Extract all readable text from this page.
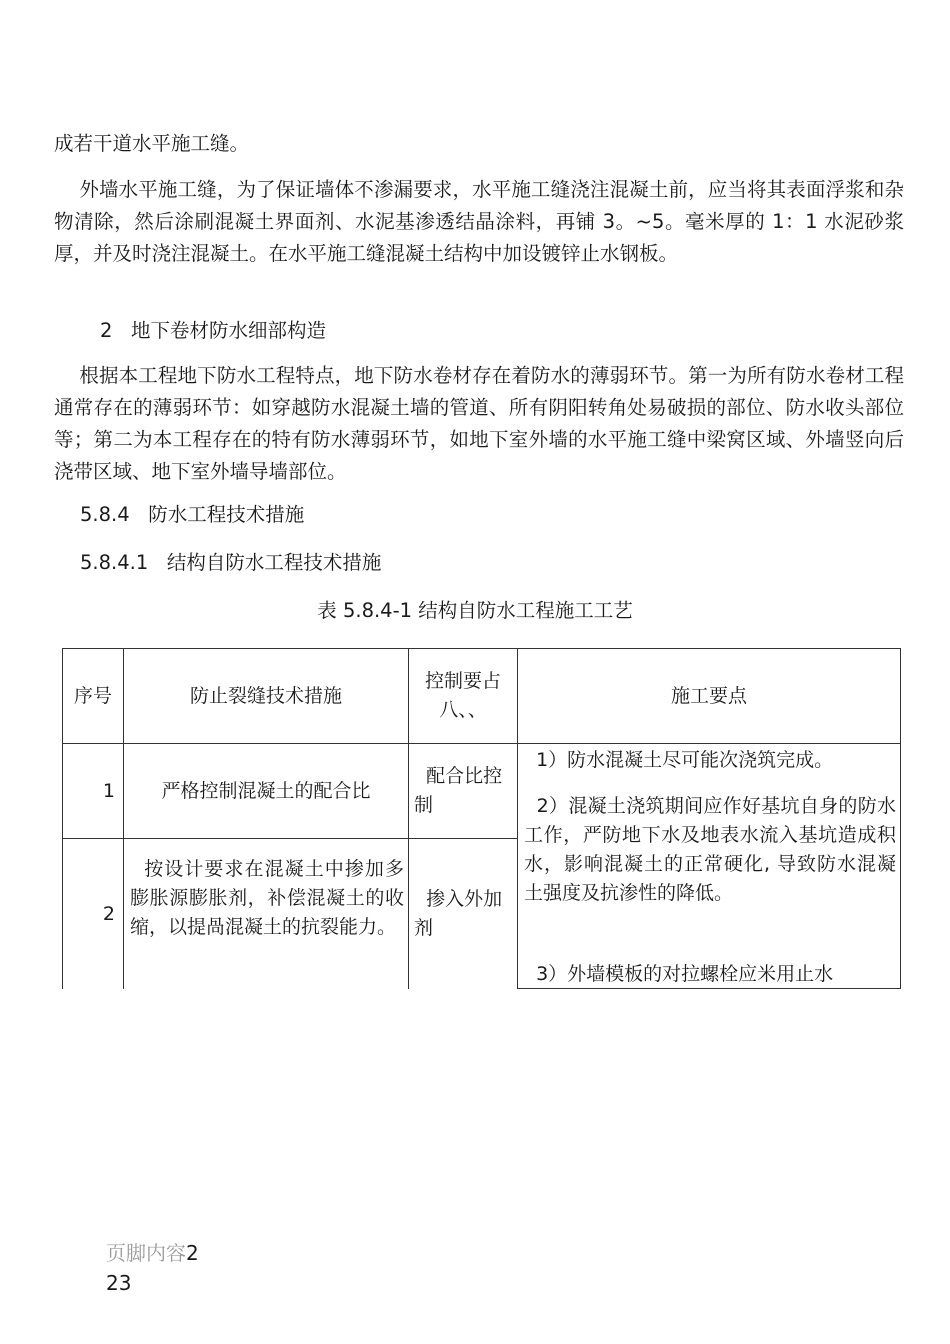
成若干道水平施工缝。

外墙水平施工缝，为了保证墙体不渗漏要求，水平施工缝浇注混凝土前，应当将其表面浮浆和杂物清除，然后涂刷混凝土界面剂、水泥基渗透结晶涂料，再铺 3。~5。毫米厚的 1：1 水泥砂浆厚，并及时浇注混凝土。在水平施工缝混凝土结构中加设镀锌止水钢板。

2   地下卷材防水细部构造

根据本工程地下防水工程特点，地下防水卷材存在着防水的薄弱环节。第一为所有防水卷材工程通常存在的薄弱环节：如穿越防水混凝土墙的管道、所有阴阳转角处易破损的部位、防水收头部位等；第二为本工程存在的特有防水薄弱环节，如地下室外墙的水平施工缝中梁窝区域、外墙竖向后浇带区域、地下室外墙导墙部位。

5.8.4   防水工程技术措施
5.8.4.1   结构自防水工程技术措施
表 5.8.4-1 结构自防水工程施工工艺
序号	防止裂缝技术措施
控制要占八、、
施工要点
1	严格控制混凝土的配合比
配合比控制
2
按设计要求在混凝土中掺加多膨胀源膨胀剂，补偿混凝土的收缩，以提咼混凝土的抗裂能力。
掺入外加剂
1）防水混凝土尽可能次浇筑完成。
2）混凝土浇筑期间应作好基坑自身的防水工作，严防地下水及地表水流入基坑造成积水，影响混凝土的正常硬化, 导致防水混凝土强度及抗渗性的降低。
3）外墙模板的对拉螺栓应米用止水
页脚内容2
23
